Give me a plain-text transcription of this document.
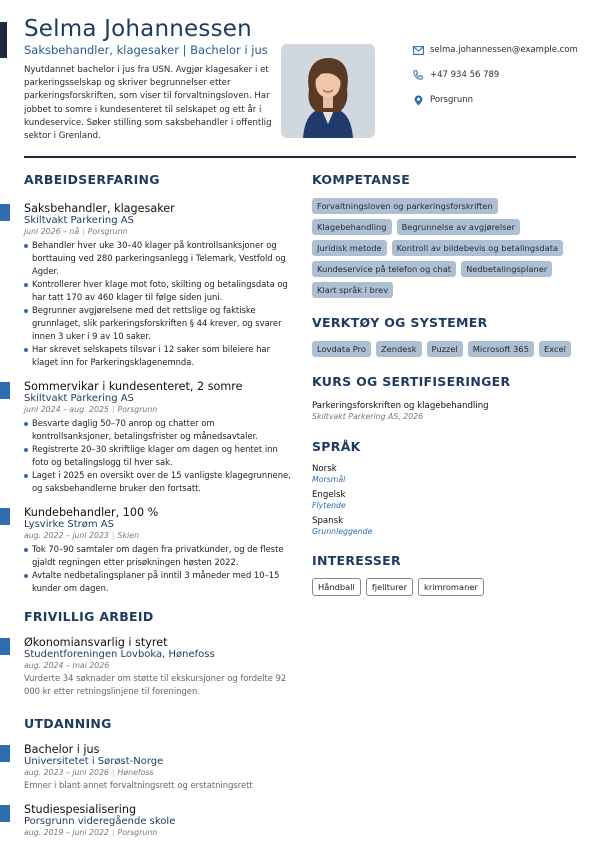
Selma Johannessen
Saksbehandler, klagesaker | Bachelor i jus
Nyutdannet bachelor i jus fra USN. Avgjør klagesaker i et parkeringsselskap og skriver begrunnelser etter parkeringsforskriften, som viser til forvaltningsloven. Har jobbet to somre i kundesenteret til selskapet og ett år i kundeservice. Søker stilling som saksbehandler i offentlig sektor i Grenland.
selma.johannessen@example.com
+47 934 56 789
Porsgrunn
ARBEIDSERFARING
Saksbehandler, klagesaker
Skiltvakt Parkering AS
juni 2026 – nå | Porsgrunn
Behandler hver uke 30–40 klager på kontrollsanksjoner og borttauing ved 280 parkeringsanlegg i Telemark, Vestfold og Agder.
Kontrollerer hver klage mot foto, skilting og betalingsdata og har tatt 170 av 460 klager til følge siden juni.
Begrunner avgjørelsene med det rettslige og faktiske grunnlaget, slik parkeringsforskriften § 44 krever, og svarer innen 3 uker i 9 av 10 saker.
Har skrevet selskapets tilsvar i 12 saker som bileiere har klaget inn for Parkeringsklagenemnda.
Sommervikar i kundesenteret, 2 somre
Skiltvakt Parkering AS
juni 2024 – aug. 2025 | Porsgrunn
Besvarte daglig 50–70 anrop og chatter om kontrollsanksjoner, betalingsfrister og månedsavtaler.
Registrerte 20–30 skriftlige klager om dagen og hentet inn foto og betalingslogg til hver sak.
Laget i 2025 en oversikt over de 15 vanligste klagegrunnene, og saksbehandlerne bruker den fortsatt.
Kundebehandler, 100 %
Lysvirke Strøm AS
aug. 2022 – juni 2023 | Skien
Tok 70–90 samtaler om dagen fra privatkunder, og de fleste gjaldt regningen etter prisøkningen høsten 2022.
Avtalte nedbetalingsplaner på inntil 3 måneder med 10–15 kunder om dagen.
FRIVILLIG ARBEID
Økonomiansvarlig i styret
Studentforeningen Lovboka, Hønefoss
aug. 2024 – mai 2026
Vurderte 34 søknader om støtte til ekskursjoner og fordelte 92 000 kr etter retningslinjene til foreningen.
UTDANNING
Bachelor i jus
Universitetet i Sørøst-Norge
aug. 2023 – juni 2026 | Hønefoss
Emner i blant annet forvaltningsrett og erstatningsrett
Studiespesialisering
Porsgrunn videregående skole
aug. 2019 – juni 2022 | Porsgrunn
KOMPETANSE
Forvaltningsloven og parkeringsforskriften
Klagebehandling	Begrunnelse av avgjørelser
Juridisk metode	Kontroll av bildebevis og betalingsdata
Kundeservice på telefon og chat	Nedbetalingsplaner
Klart språk i brev
VERKTØY OG SYSTEMER
Lovdata Pro	Zendesk	Puzzel	Microsoft 365	Excel
KURS OG SERTIFISERINGER
Parkeringsforskriften og klagebehandling
Skiltvakt Parkering AS, 2026
SPRÅK
Norsk
Morsmål
Engelsk
Flytende
Spansk
Grunnleggende
INTERESSER
Håndball	fjellturer	krimromaner
